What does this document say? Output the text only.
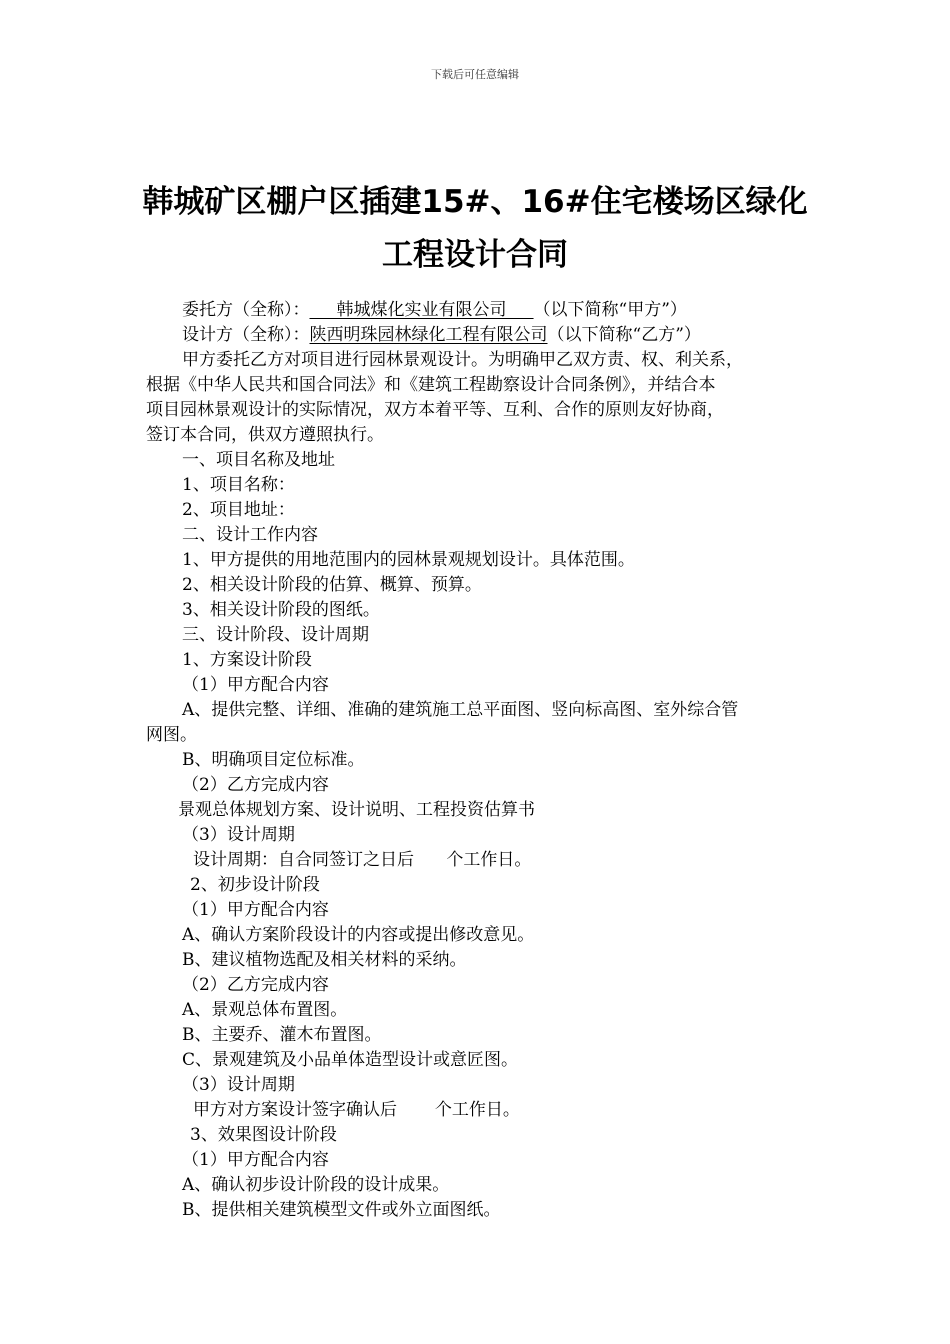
下载后可任意编辑
韩城矿区棚户区插建15#、16#住宅楼场区绿化
工程设计合同
委托方（全称）：     韩城煤化实业有限公司     （以下简称“甲方”）
设计方（全称）：陕西明珠园林绿化工程有限公司（以下简称“乙方”）
甲方委托乙方对项目进行园林景观设计。为明确甲乙双方责、权、利关系，
根据《中华人民共和国合同法》和《建筑工程勘察设计合同条例》，并结合本
项目园林景观设计的实际情况，双方本着平等、互利、合作的原则友好协商，
签订本合同，供双方遵照执行。
一、项目名称及地址
1、项目名称：
2、项目地址：
二、设计工作内容
1、甲方提供的用地范围内的园林景观规划设计。具体范围。
2、相关设计阶段的估算、概算、预算。
3、相关设计阶段的图纸。
三、设计阶段、设计周期
1、方案设计阶段
（1）甲方配合内容
A、提供完整、详细、准确的建筑施工总平面图、竖向标高图、室外综合管
网图。
B、明确项目定位标准。
（2）乙方完成内容
景观总体规划方案、设计说明、工程投资估算书
（3）设计周期
设计周期：自合同签订之日后      个工作日。
2、初步设计阶段
（1）甲方配合内容
A、确认方案阶段设计的内容或提出修改意见。
B、建议植物选配及相关材料的采纳。
（2）乙方完成内容
A、景观总体布置图。
B、主要乔、灌木布置图。
C、景观建筑及小品单体造型设计或意匠图。
（3）设计周期
甲方对方案设计签字确认后       个工作日。
3、效果图设计阶段
（1）甲方配合内容
A、确认初步设计阶段的设计成果。
B、提供相关建筑模型文件或外立面图纸。
